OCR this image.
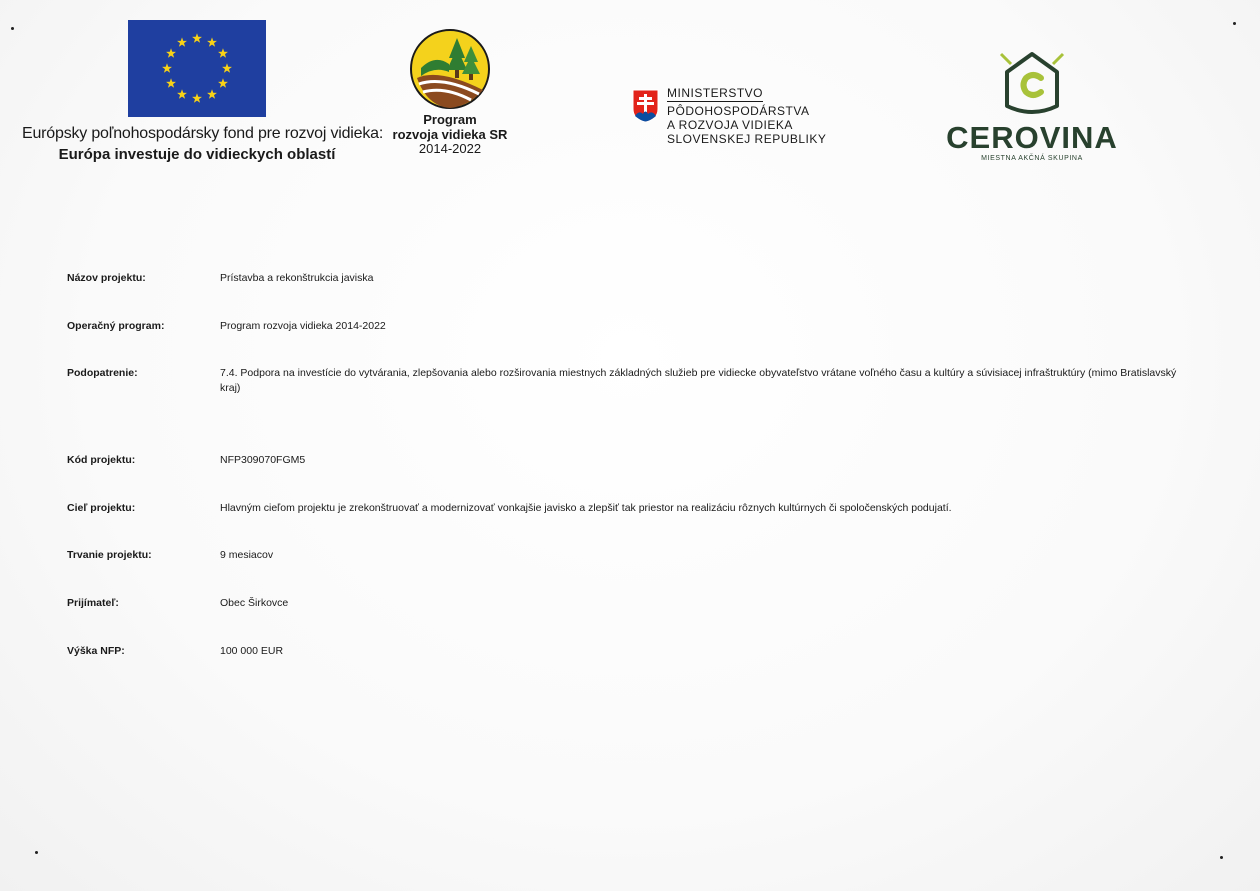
Európsky poľnohospodársky fond pre rozvoj vidieka:
Európa investuje do vidieckych oblastí
Program
rozvoja vidieka SR
2014-2022
MINISTERSTVO
PÔDOHOSPODÁRSTVA
A ROZVOJA VIDIEKA
SLOVENSKEJ REPUBLIKY	CEROVINA
MIESTNA AKČNÁ SKUPINA
Názov projektu:	Prístavba a rekonštrukcia javiska
Operačný program:	Program rozvoja vidieka 2014-2022
Podopatrenie:	7.4. Podpora na investície do vytvárania, zlepšovania alebo rozširovania miestnych základných služieb pre vidiecke obyvateľstvo vrátane voľného času a kultúry a súvisiacej infraštruktúry (mimo Bratislavský kraj)
Kód projektu:	NFP309070FGM5
Cieľ projektu:	Hlavným cieľom projektu je zrekonštruovať a modernizovať vonkajšie javisko a zlepšiť tak priestor na realizáciu rôznych kultúrnych či spoločenských podujatí.
Trvanie projektu:	9 mesiacov
Prijímateľ:	Obec Širkovce
Výška NFP:	100 000 EUR
